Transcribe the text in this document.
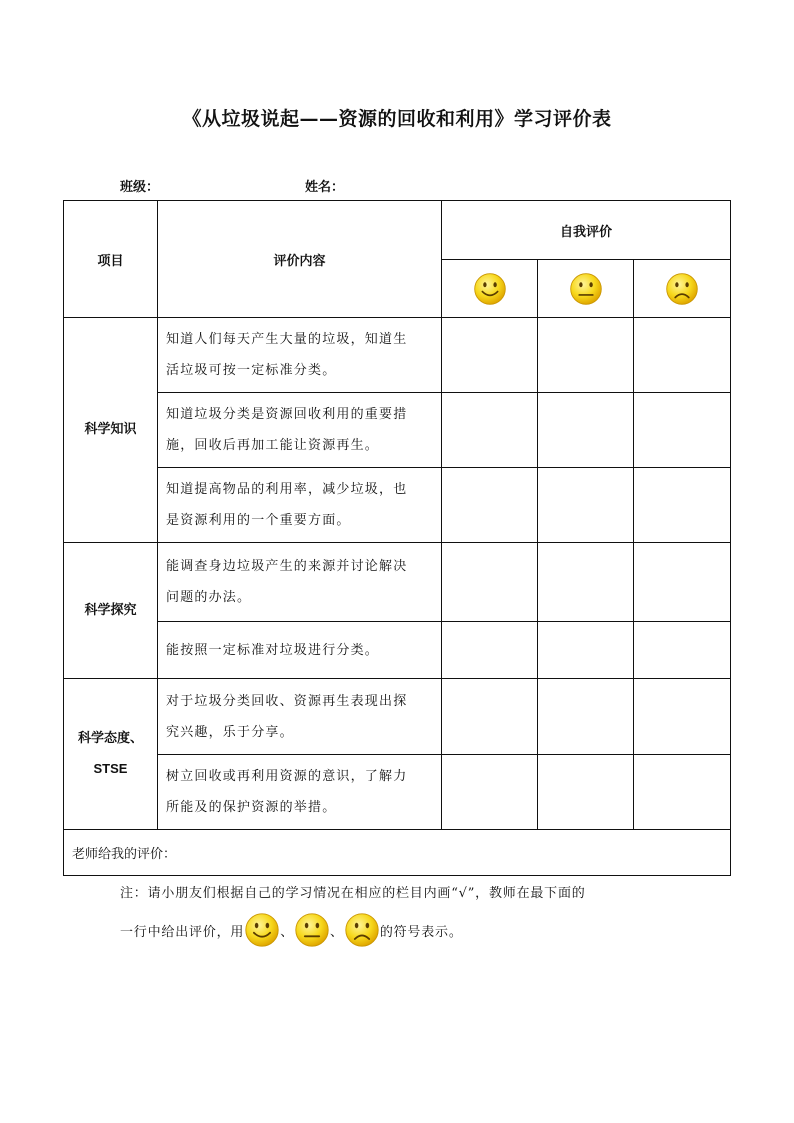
《从垃圾说起——资源的回收和利用》学习评价表
班级：	姓名：
项目	评价内容	自我评价		

科学知识	知道人们每天产生大量的垃圾，知道生
活垃圾可按一定标准分类。			
	知道垃圾分类是资源回收利用的重要措
施，回收后再加工能让资源再生。			
	知道提高物品的利用率，减少垃圾，也
是资源利用的一个重要方面。			
科学探究	能调查身边垃圾产生的来源并讨论解决
问题的办法。			
	能按照一定标准对垃圾进行分类。			
科学态度、
STSE	对于垃圾分类回收、资源再生表现出探
究兴趣，乐于分享。			
	树立回收或再利用资源的意识，了解力
所能及的保护资源的举措。			
老师给我的评价：				
注：请小朋友们根据自己的学习情况在相应的栏目内画“√”，教师在最下面的
一行中给出评价，用	、	、	的符号表示。
